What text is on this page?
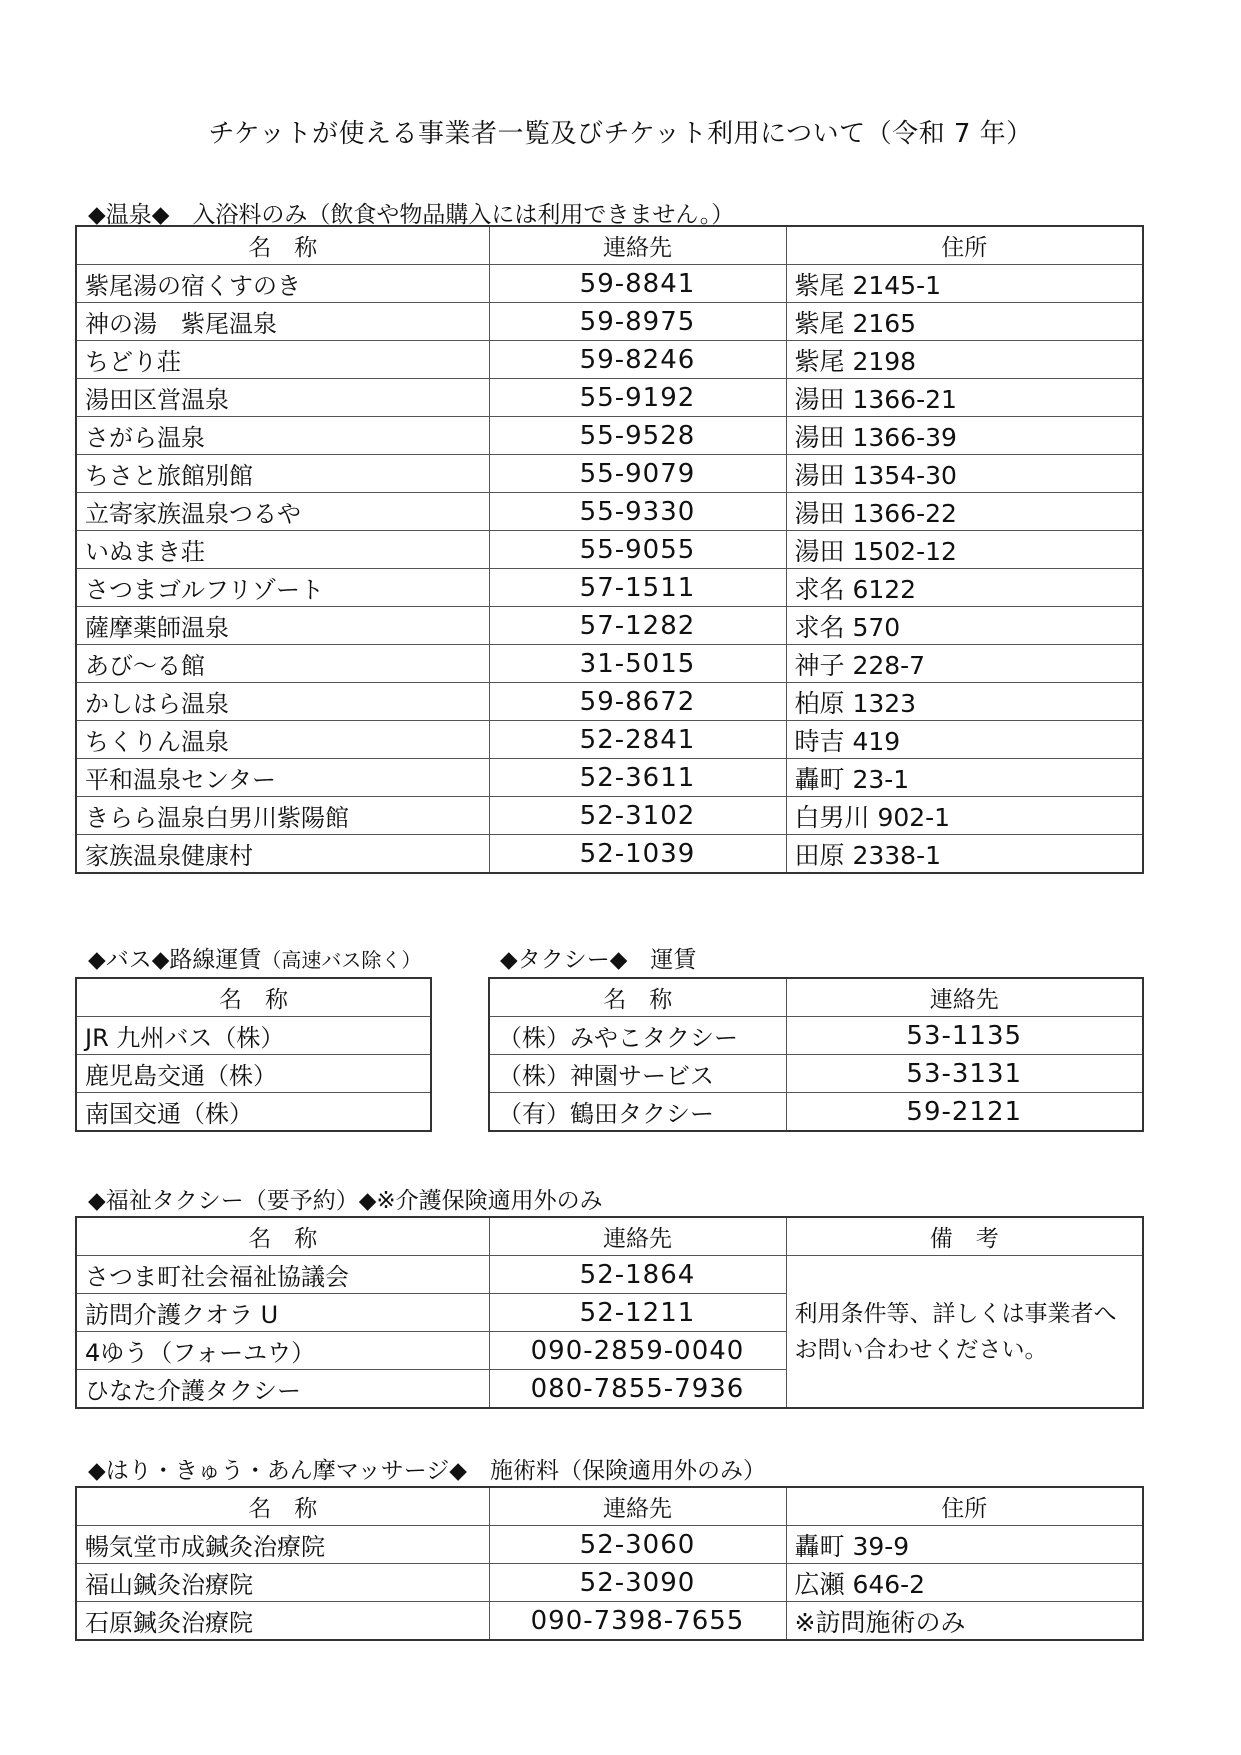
チケットが使える事業者一覧及びチケット利用について（令和 7 年）
◆温泉◆　入浴料のみ（飲食や物品購入には利用できません。）
名　称	連絡先	住所
紫尾湯の宿くすのき	59-8841	紫尾 2145-1
神の湯　紫尾温泉	59-8975	紫尾 2165
ちどり荘	59-8246	紫尾 2198
湯田区営温泉	55-9192	湯田 1366-21
さがら温泉	55-9528	湯田 1366-39
ちさと旅館別館	55-9079	湯田 1354-30
立寄家族温泉つるや	55-9330	湯田 1366-22
いぬまき荘	55-9055	湯田 1502-12
さつまゴルフリゾート	57-1511	求名 6122
薩摩薬師温泉	57-1282	求名 570
あび～る館	31-5015	神子 228-7
かしはら温泉	59-8672	柏原 1323
ちくりん温泉	52-2841	時吉 419
平和温泉センター	52-3611	轟町 23-1
きらら温泉白男川紫陽館	52-3102	白男川 902-1
家族温泉健康村	52-1039	田原 2338-1
◆バス◆路線運賃（高速バス除く）
名　称
JR 九州バス（株）
鹿児島交通（株）
南国交通（株）
◆タクシー◆　運賃
名　称	連絡先
（株）みやこタクシー	53-1135
（株）神園サービス	53-3131
（有）鶴田タクシー	59-2121
◆福祉タクシー（要予約）◆※介護保険適用外のみ
名　称	連絡先	備　考
さつま町社会福祉協議会	52-1864	利用条件等、詳しくは事業者へお問い合わせください。
訪問介護クオラ U	52-1211	
4ゆう（フォーユウ）	090-2859-0040	
ひなた介護タクシー	080-7855-7936	
◆はり・きゅう・あん摩マッサージ◆　施術料（保険適用外のみ）
名　称	連絡先	住所
暢気堂市成鍼灸治療院	52-3060	轟町 39-9
福山鍼灸治療院	52-3090	広瀬 646-2
石原鍼灸治療院	090-7398-7655	※訪問施術のみ
